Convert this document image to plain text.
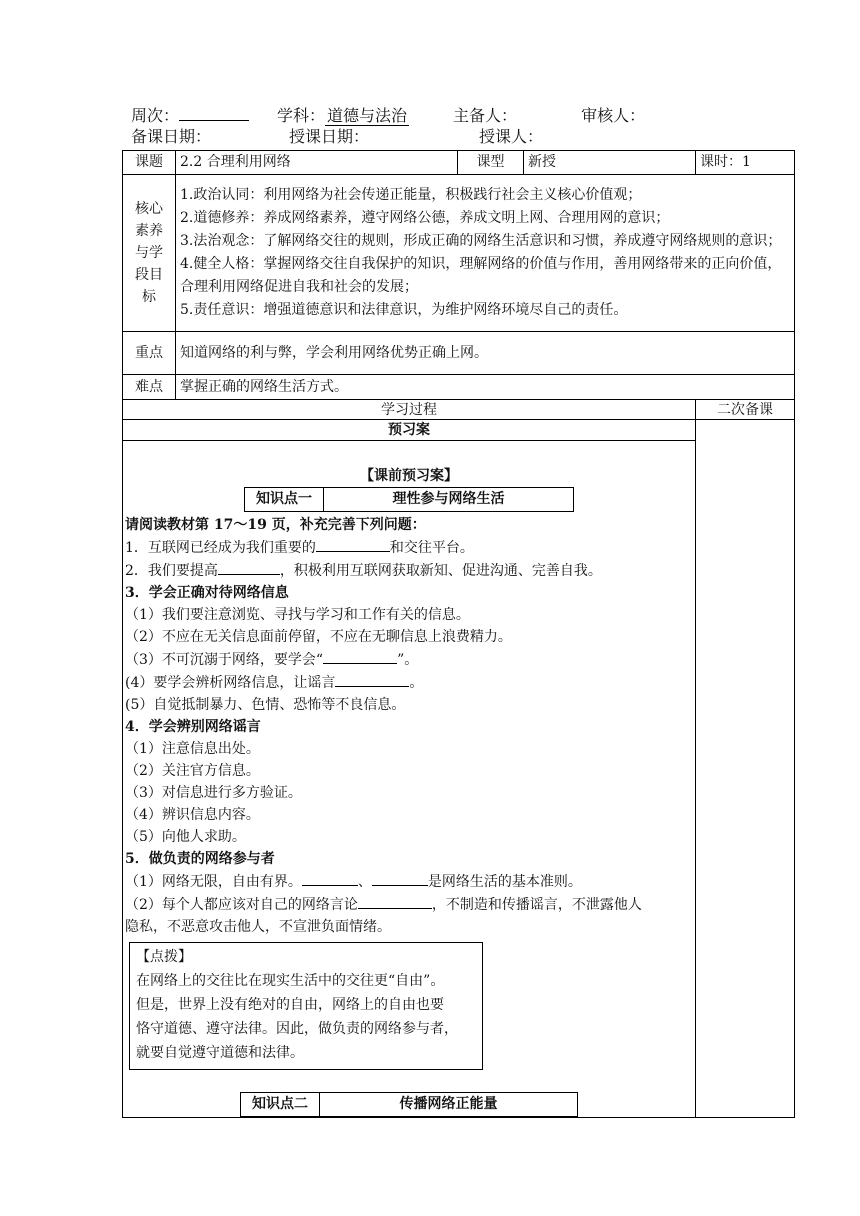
周次：	学科： 道德与法治	主备人：	审核人：
备课日期：	授课日期：	授课人：
课题	2.2 合理利用网络	课型	新授	课时：1
核心素养与学段目标	
1.政治认同：利用网络为社会传递正能量，积极践行社会主义核心价值观；
2.道德修养：养成网络素养，遵守网络公德，养成文明上网、合理用网的意识；
3.法治观念：了解网络交往的规则，形成正确的网络生活意识和习惯，养成遵守网络规则的意识；
4.健全人格：掌握网络交往自我保护的知识，理解网络的价值与作用，善用网络带来的正向价值，合理利用网络促进自我和社会的发展；
5.责任意识：增强道德意识和法律意识，为维护网络环境尽自己的责任。

重点	知道网络的利与弊，学会利用网络优势正确上网。
难点	掌握正确的网络生活方式。
学习过程	二次备课
预习案	

【课前预习案】
知识点一	理性参与网络生活
请阅读教材第 17～19 页，补充完善下列问题：
1．互联网已经成为我们重要的	和交往平台。
2．我们要提高	，积极利用互联网获取新知、促进沟通、完善自我。
3．学会正确对待网络信息
（1）我们要注意浏览、寻找与学习和工作有关的信息。
（2）不应在无关信息面前停留，不应在无聊信息上浪费精力。
（3）不可沉溺于网络，要学会“	”。
(4）要学会辨析网络信息，让谣言	。
(5）自觉抵制暴力、色情、恐怖等不良信息。
4．学会辨别网络谣言
（1）注意信息出处。
（2）关注官方信息。
（3）对信息进行多方验证。
（4）辨识信息内容。
（5）向他人求助。
5．做负责的网络参与者
（1）网络无限，自由有界。	、	是网络生活的基本准则。
（2）每个人都应该对自己的网络言论	，不制造和传播谣言，不泄露他人
隐私，不恶意攻击他人，不宣泄负面情绪。
【点拨】
在网络上的交往比在现实生活中的交往更“自由”。
但是，世界上没有绝对的自由，网络上的自由也要
恪守道德、遵守法律。因此，做负责的网络参与者，
就要自觉遵守道德和法律。
知识点二	传播网络正能量
